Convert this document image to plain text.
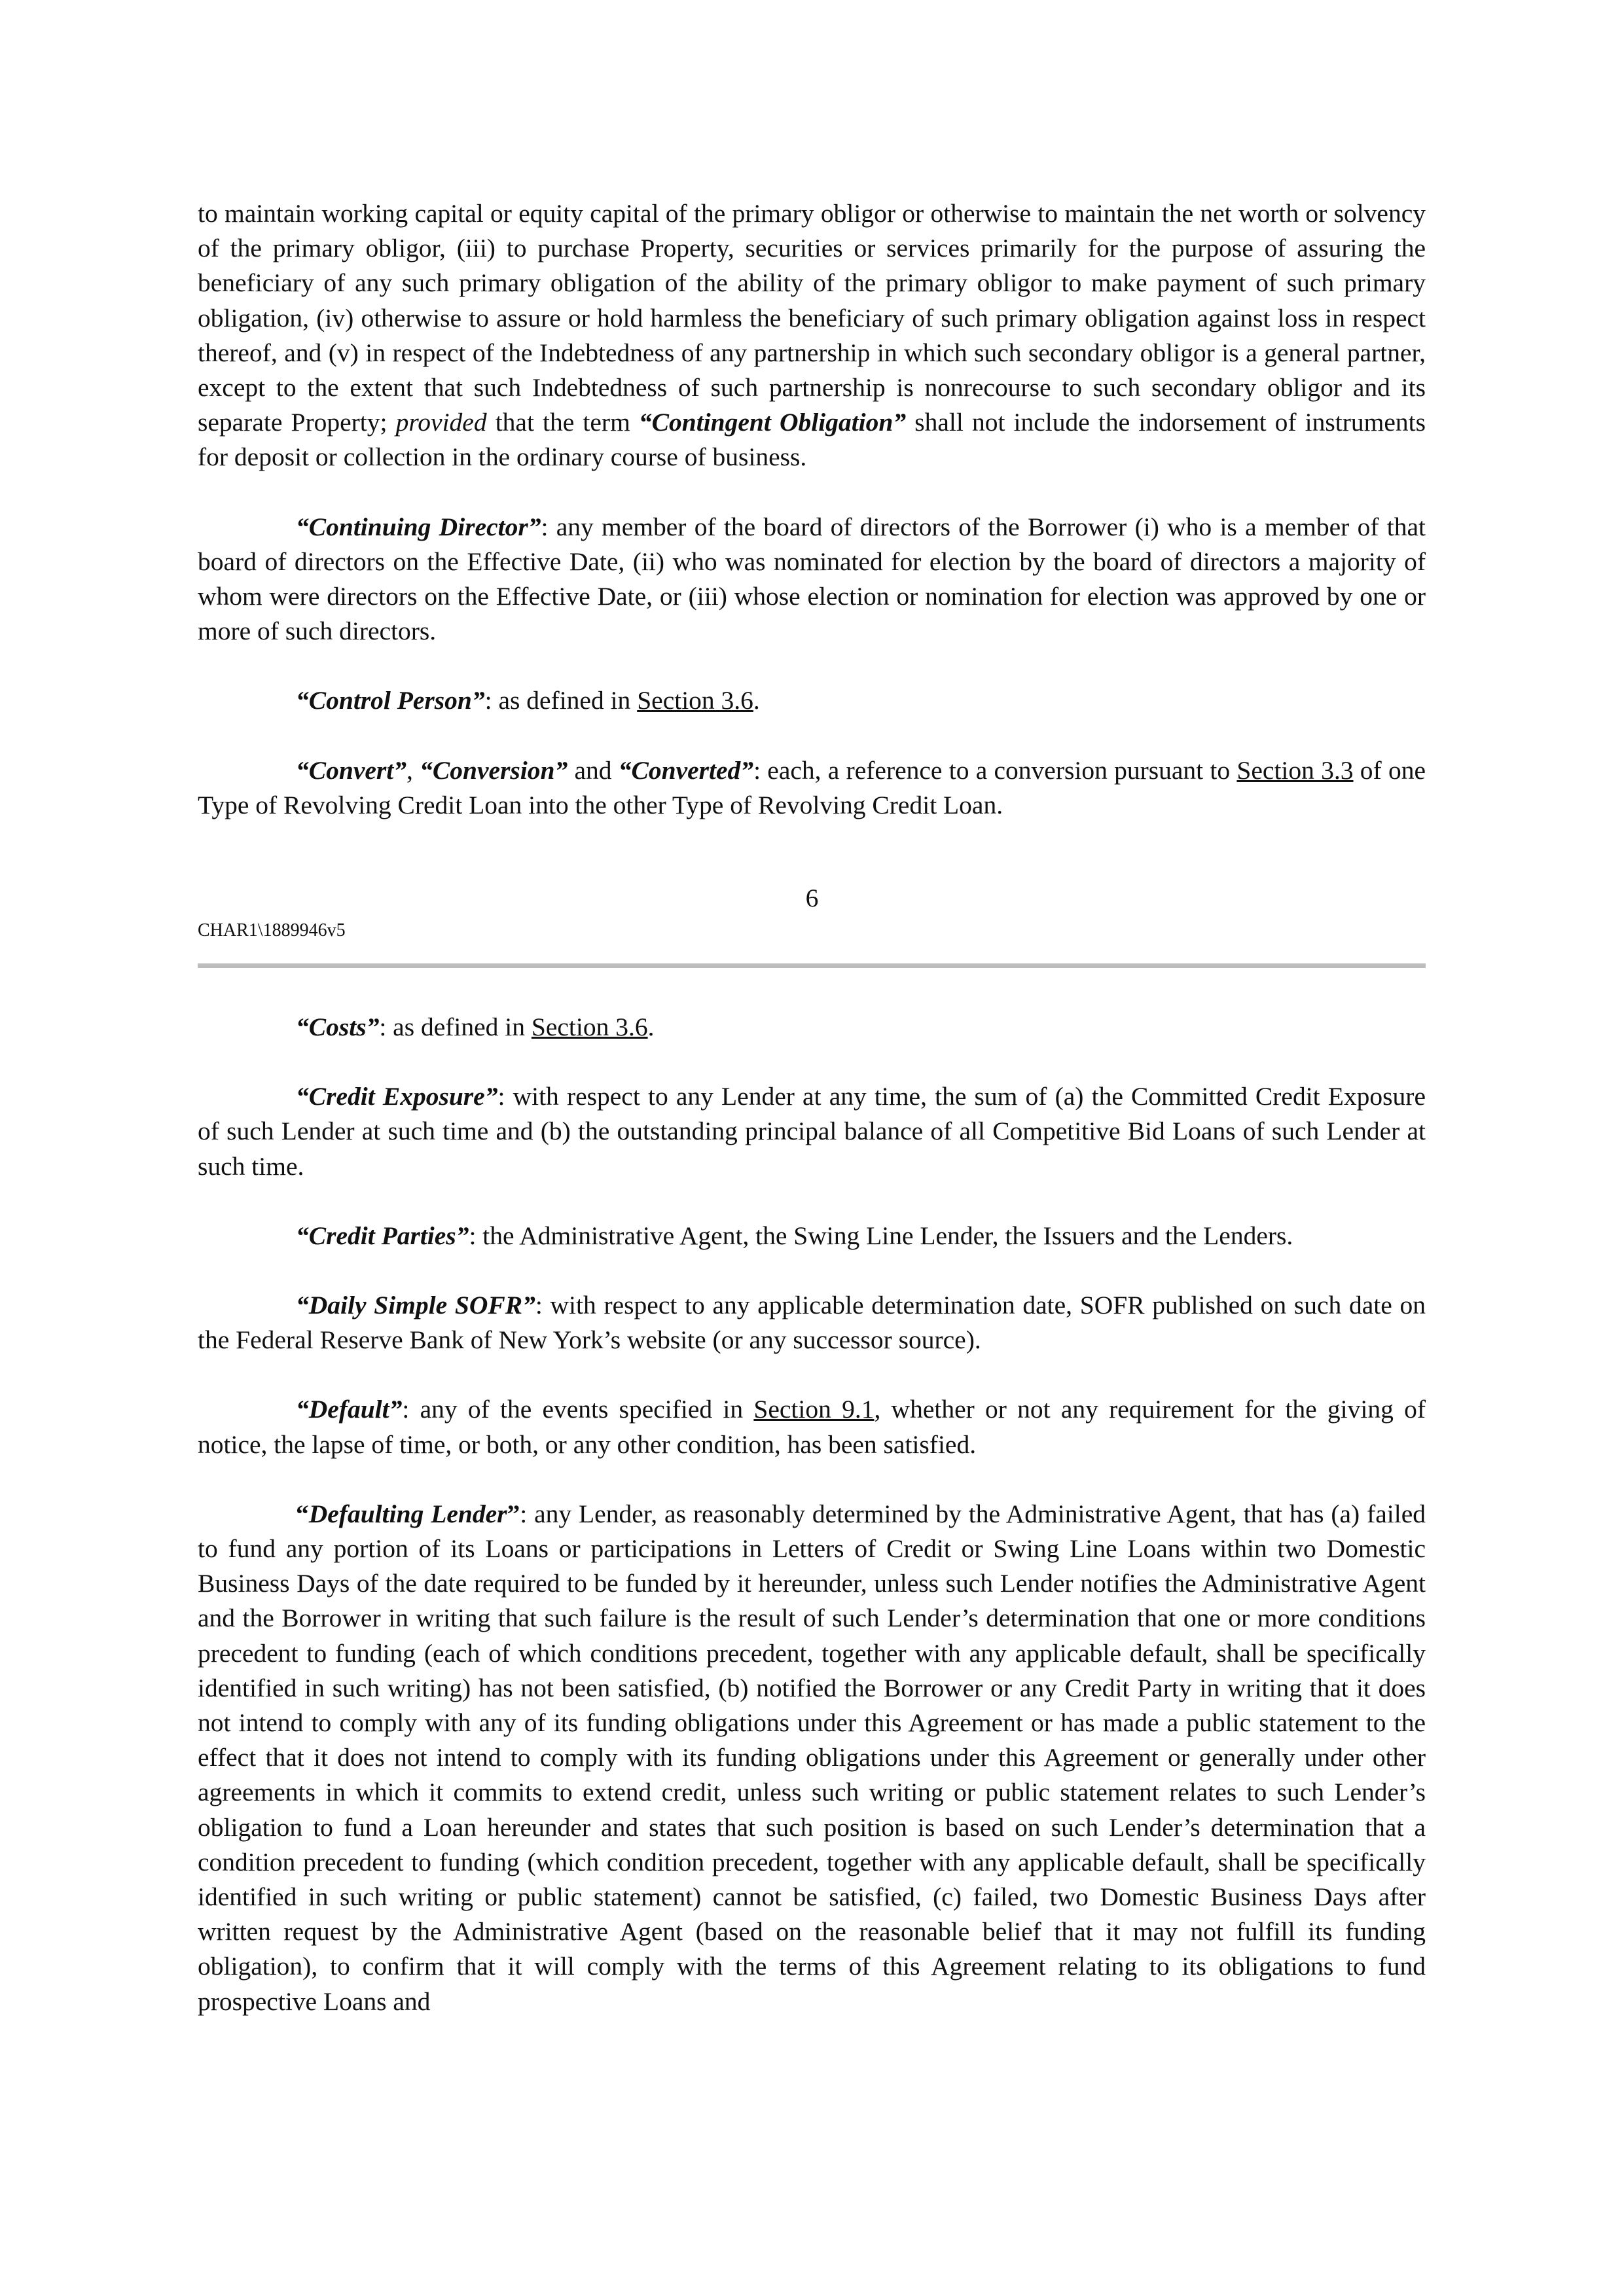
to maintain working capital or equity capital of the primary obligor or otherwise to maintain the net worth or solvency of the primary obligor, (iii) to purchase Property, securities or services primarily for the purpose of assuring the beneficiary of any such primary obligation of the ability of the primary obligor to make payment of such primary obligation, (iv) otherwise to assure or hold harmless the beneficiary of such primary obligation against loss in respect thereof, and (v) in respect of the Indebtedness of any partnership in which such secondary obligor is a general partner, except to the extent that such Indebtedness of such partnership is nonrecourse to such secondary obligor and its separate Property; provided that the term “Contingent Obligation” shall not include the indorsement of instruments for deposit or collection in the ordinary course of business.

“Continuing Director”: any member of the board of directors of the Borrower (i) who is a member of that board of directors on the Effective Date, (ii) who was nominated for election by the board of directors a majority of whom were directors on the Effective Date, or (iii) whose election or nomination for election was approved by one or more of such directors.

“Control Person”: as defined in Section 3.6.

“Convert”, “Conversion” and “Converted”: each, a reference to a conversion pursuant to Section 3.3 of one Type of Revolving Credit Loan into the other Type of Revolving Credit Loan.

6
CHAR1\1889946v5

“Costs”: as defined in Section 3.6.

“Credit Exposure”: with respect to any Lender at any time, the sum of (a) the Committed Credit Exposure of such Lender at such time and (b) the outstanding principal balance of all Competitive Bid Loans of such Lender at such time.

“Credit Parties”: the Administrative Agent, the Swing Line Lender, the Issuers and the Lenders.

“Daily Simple SOFR”: with respect to any applicable determination date, SOFR published on such date on the Federal Reserve Bank of New York’s website (or any successor source).

“Default”: any of the events specified in Section 9.1, whether or not any requirement for the giving of notice, the lapse of time, or both, or any other condition, has been satisfied.

“Defaulting Lender”: any Lender, as reasonably determined by the Administrative Agent, that has (a) failed to fund any portion of its Loans or participations in Letters of Credit or Swing Line Loans within two Domestic Business Days of the date required to be funded by it hereunder, unless such Lender notifies the Administrative Agent and the Borrower in writing that such failure is the result of such Lender’s determination that one or more conditions precedent to funding (each of which conditions precedent, together with any applicable default, shall be specifically identified in such writing) has not been satisfied, (b) notified the Borrower or any Credit Party in writing that it does not intend to comply with any of its funding obligations under this Agreement or has made a public statement to the effect that it does not intend to comply with its funding obligations under this Agreement or generally under other agreements in which it commits to extend credit, unless such writing or public statement relates to such Lender’s obligation to fund a Loan hereunder and states that such position is based on such Lender’s determination that a condition precedent to funding (which condition precedent, together with any applicable default, shall be specifically identified in such writing or public statement) cannot be satisfied, (c) failed, two Domestic Business Days after written request by the Administrative Agent (based on the reasonable belief that it may not fulfill its funding obligation), to confirm that it will comply with the terms of this Agreement relating to its obligations to fund prospective Loans and
